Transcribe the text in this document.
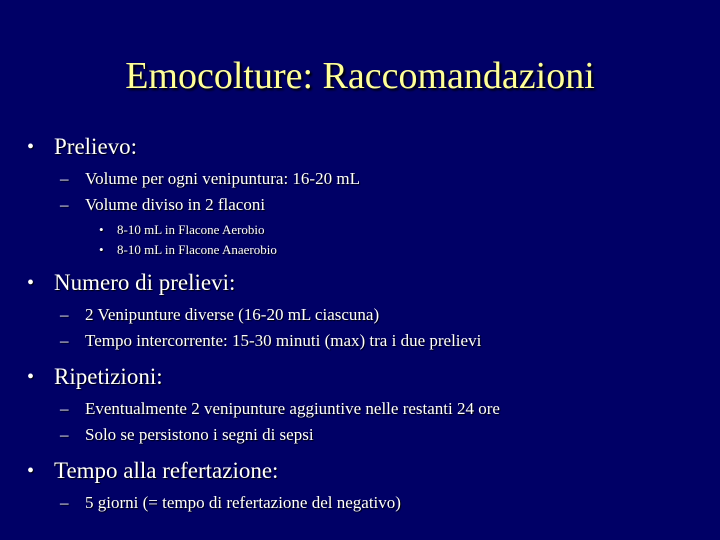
Emocolture: Raccomandazioni
• Prelievo:
– Volume per ogni venipuntura: 16-20 mL
– Volume diviso in 2 flaconi
• 8-10 mL in Flacone Aerobio
• 8-10 mL in Flacone Anaerobio
• Numero di prelievi:
– 2 Venipunture diverse (16-20 mL ciascuna)
– Tempo intercorrente: 15-30 minuti (max) tra i due prelievi
• Ripetizioni:
– Eventualmente 2 venipunture aggiuntive nelle restanti 24 ore
– Solo se persistono i segni di sepsi
• Tempo alla refertazione:
– 5 giorni (= tempo di refertazione del negativo)
